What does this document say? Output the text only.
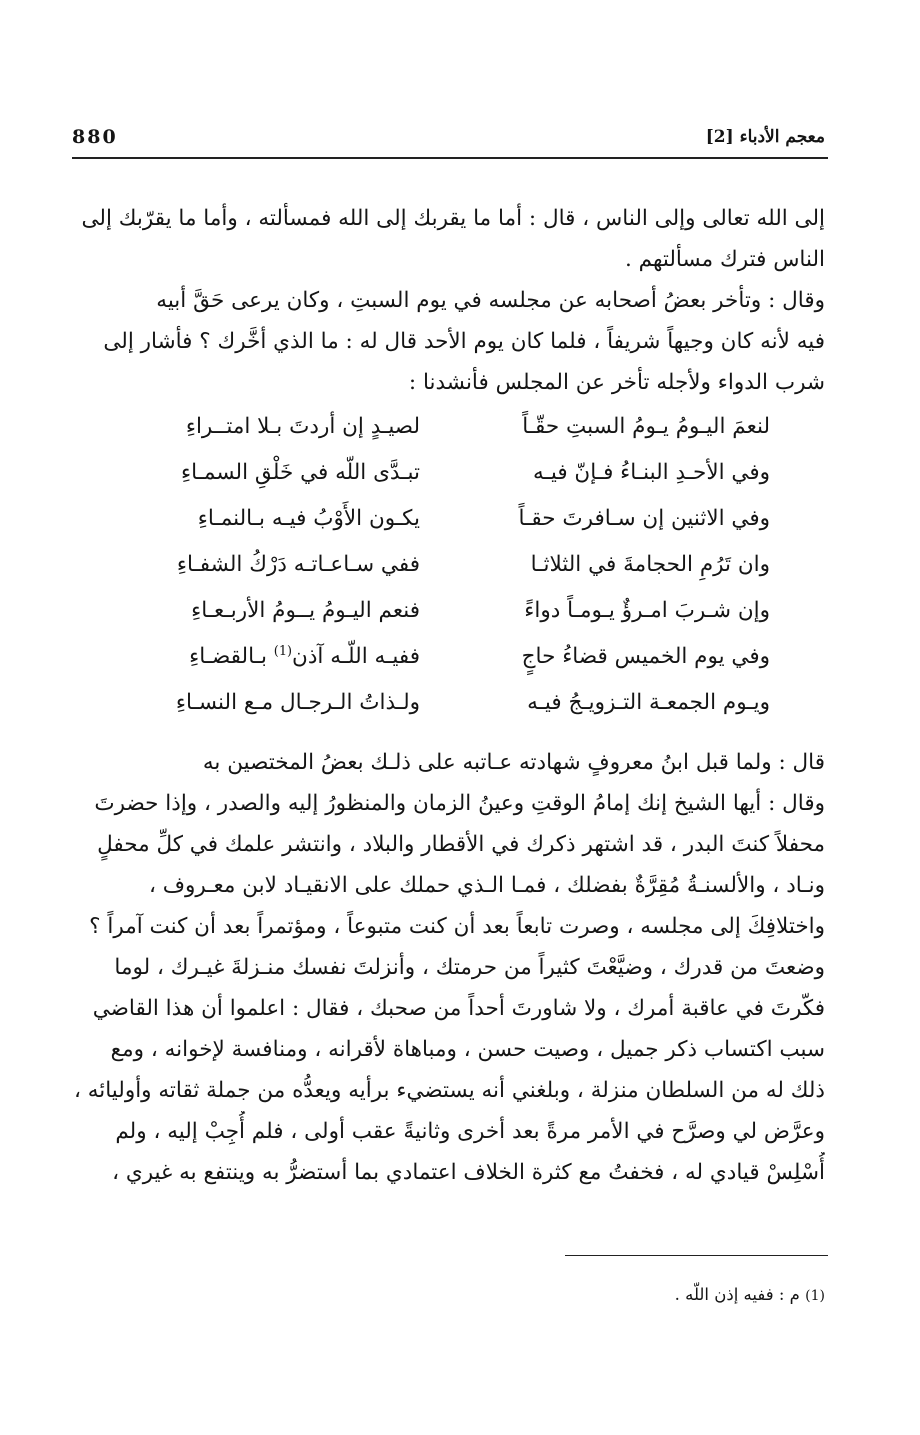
معجم الأدباء [2]
880
إلى الله تعالى وإلى الناس ، قال : أما ما يقربك إلى الله فمسألته ، وأما ما يقرّبك إلى
الناس فترك مسألتهم .
وقال : وتأخر بعضُ أصحابه عن مجلسه في يوم السبتِ ، وكان يرعى حَقَّ أبيه
فيه لأنه كان وجيهاً شريفاً ، فلما كان يوم الأحد قال له : ما الذي أخَّرك ؟ فأشار إلى
شرب الدواء ولأجله تأخر عن المجلس فأنشدنا :
لنعمَ اليـومُ يـومُ السبتِ حقّـاً
لصيـدٍ إن أردتَ بـلا امتــراءِ
وفي الأحـدِ البنـاءُ فـإنّ فيـه
تبـدَّى اللّه في خَلْقِ السمـاءِ
وفي الاثنين إن سـافرتَ حقـاً
يكـون الأَوْبُ فيـه بـالنمـاءِ
وان تَرُمِ الحجامةَ في الثلاثـا
ففي سـاعـاتـه دَرْكُ الشفـاءِ
وإن شـربَ امـرؤٌ يـومـاً دواءً
فنعم اليـومُ يــومُ الأربـعـاءِ
وفي يوم الخميس قضاءُ حاجٍ
ففيـه اللّـه آذن$^{(1)}$ بـالقضـاءِ
ويـوم الجمعـة التـزويـجُ فيـه
ولـذاتُ الـرجـال مـع النسـاءِ
قال : ولما قبل ابنُ معروفٍ شهادته عـاتبه على ذلـك بعضُ المختصين به
وقال : أيها الشيخ إنك إمامُ الوقتِ وعينُ الزمان والمنظورُ إليه والصدر ، وإذا حضرتَ
محفلاً كنتَ البدر ، قد اشتهر ذكرك في الأقطار والبلاد ، وانتشر علمك في كلِّ محفلٍ
ونـاد ، والألسنـةُ مُقِرَّةٌ بفضلك ، فمـا الـذي حملك على الانقيـاد لابن معـروف ،
واختلافِكَ إلى مجلسه ، وصرت تابعاً بعد أن كنت متبوعاً ، ومؤتمراً بعد أن كنت آمراً ؟
وضعتَ من قدرك ، وضيَّعْتَ كثيراً من حرمتك ، وأنزلتَ نفسك منـزلةَ غيـرك ، لوما
فكّرتَ في عاقبة أمرك ، ولا شاورتَ أحداً من صحبك ، فقال : اعلموا أن هذا القاضي
سبب اكتساب ذكر جميل ، وصيت حسن ، ومباهاة لأقرانه ، ومنافسة لإخوانه ، ومع
ذلك له من السلطان منزلة ، وبلغني أنه يستضيء برأيه ويعدُّه من جملة ثقاته وأوليائه ،
وعرَّض لي وصرَّح في الأمر مرةً بعد أخرى وثانيةً عقب أولى ، فلم أُجِبْ إليه ، ولم
أُسْلِسْ قيادي له ، فخفتُ مع كثرة الخلاف اعتمادي بما أستضرُّ به وينتفع به غيري ،
(1) م : ففيه إذن اللّه .
